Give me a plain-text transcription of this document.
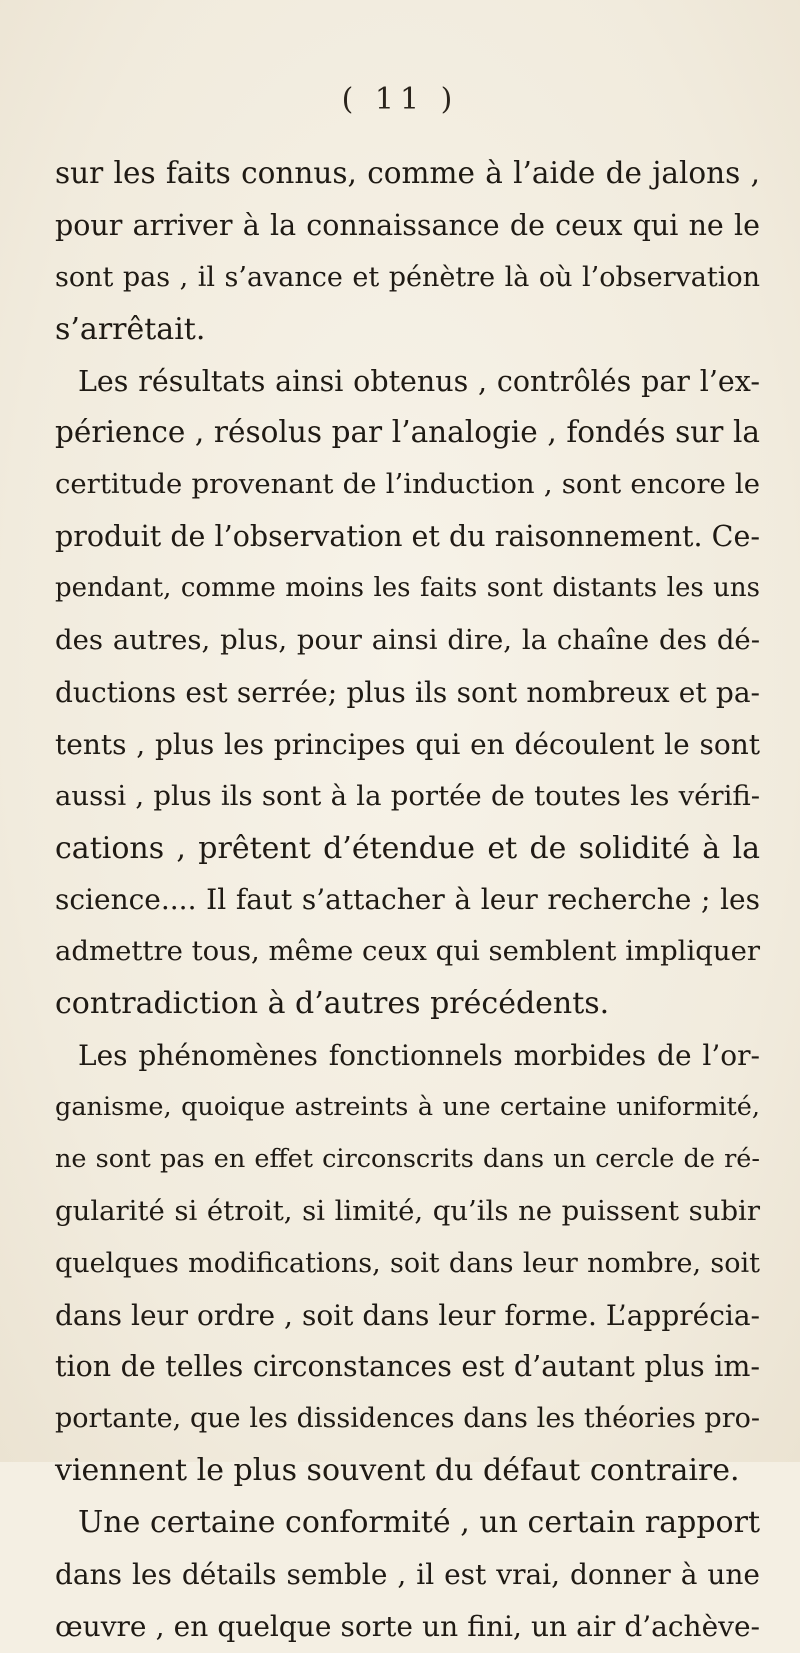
( 11 )
sur les faits connus, comme à l’aide de jalons ,
pour arriver à la connaissance de ceux qui ne le
sont pas , il s’avance et pénètre là où l’observation
s’arrêtait.
Les résultats ainsi obtenus , contrôlés par l’ex-
périence , résolus par l’analogie , fondés sur la
certitude provenant de l’induction , sont encore le
produit de l’observation et du raisonnement. Ce-
pendant, comme moins les faits sont distants les uns
des autres, plus, pour ainsi dire, la chaîne des dé-
ductions est serrée; plus ils sont nombreux et pa-
tents , plus les principes qui en découlent le sont
aussi , plus ils sont à la portée de toutes les vérifi-
cations , prêtent d’étendue et de solidité à la
science.... Il faut s’attacher à leur recherche ; les
admettre tous, même ceux qui semblent impliquer
contradiction à d’autres précédents.
Les phénomènes fonctionnels morbides de l’or-
ganisme, quoique astreints à une certaine uniformité,
ne sont pas en effet circonscrits dans un cercle de ré-
gularité si étroit, si limité, qu’ils ne puissent subir
quelques modifications, soit dans leur nombre, soit
dans leur ordre , soit dans leur forme. L’apprécia-
tion de telles circonstances est d’autant plus im-
portante, que les dissidences dans les théories pro-
viennent le plus souvent du défaut contraire.
Une certaine conformité , un certain rapport
dans les détails semble , il est vrai, donner à une
œuvre , en quelque sorte un fini, un air d’achève-
